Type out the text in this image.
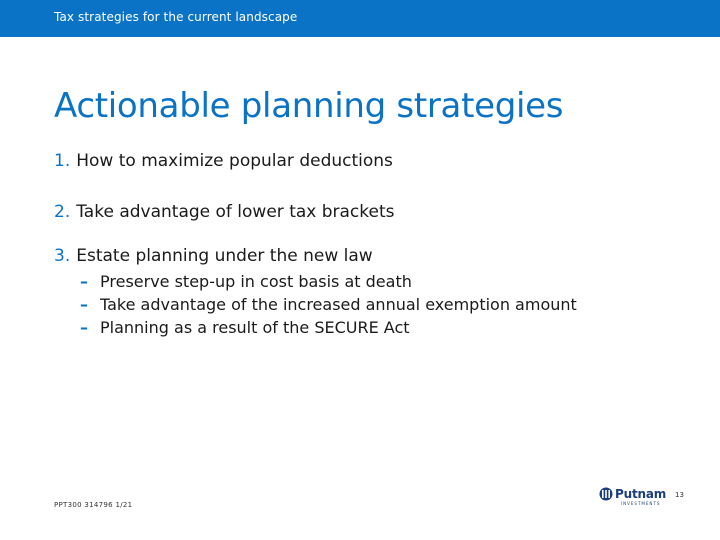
Tax strategies for the current landscape
Actionable planning strategies
1. How to maximize popular deductions
2. Take advantage of lower tax brackets
3. Estate planning under the new law
– Preserve step-up in cost basis at death
– Take advantage of the increased annual exemption amount
– Planning as a result of the SECURE Act
PPT300 314796 1/21
Putnam
INVESTMENTS
13
